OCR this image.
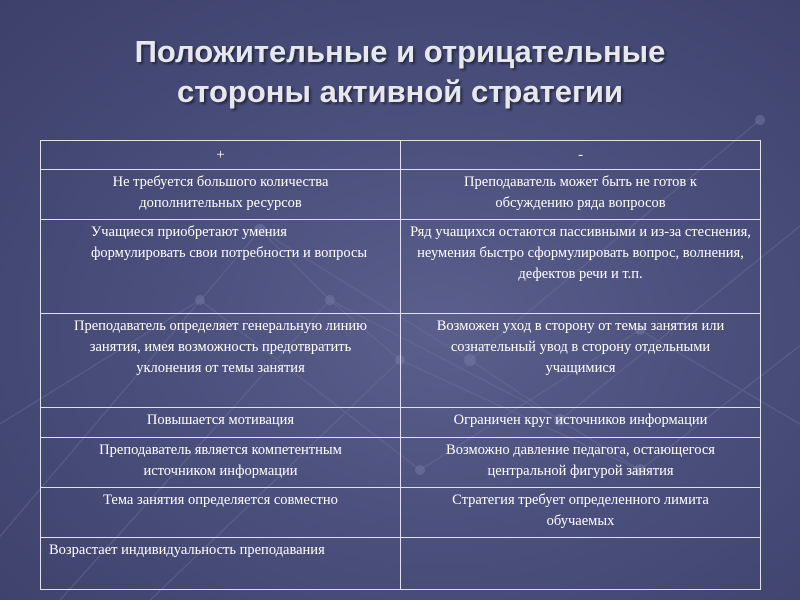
Положительные и отрицательные
стороны активной стратегии
+	-
Не требуется большого количества дополнительных ресурсов	Преподаватель может быть не готов к обсуждению ряда вопросов
Учащиеся приобретают умения формулировать свои потребности и вопросы	Ряд учащихся остаются пассивными и из-за стеснения, неумения быстро сформулировать вопрос, волнения, дефектов речи и т.п.
Преподаватель определяет генеральную линию занятия, имея возможность предотвратить уклонения от темы занятия	Возможен уход в сторону от темы занятия или сознательный увод в сторону отдельными учащимися
Повышается мотивация	Ограничен круг источников информации
Преподаватель является компетентным источником информации	Возможно давление педагога, остающегося центральной фигурой занятия
Тема занятия определяется совместно	Стратегия требует определенного лимита обучаемых
Возрастает индивидуальность преподавания	
